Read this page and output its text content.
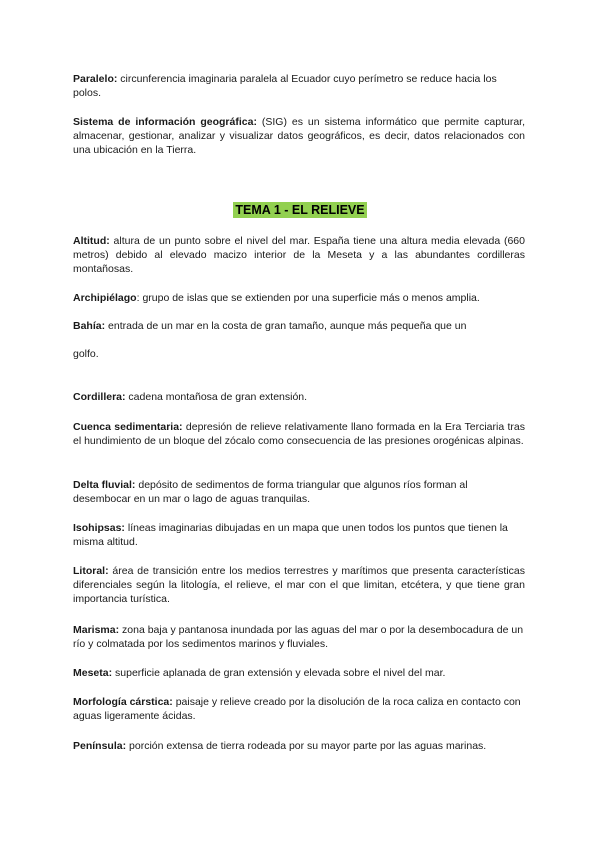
Paralelo: circunferencia imaginaria paralela al Ecuador cuyo perímetro se reduce hacia los polos.

Sistema de información geográfica: (SIG) es un sistema informático que permite capturar, almacenar, gestionar, analizar y visualizar datos geográficos, es decir, datos relacionados con una ubicación en la Tierra.

TEMA 1 - EL RELIEVE

Altitud: altura de un punto sobre el nivel del mar. España tiene una altura media elevada (660 metros) debido al elevado macizo interior de la Meseta y a las abundantes cordilleras montañosas.

Archipiélago: grupo de islas que se extienden por una superficie más o menos amplia.

Bahía: entrada de un mar en la costa de gran tamaño, aunque más pequeña que un

golfo.

Cordillera: cadena montañosa de gran extensión.

Cuenca sedimentaria: depresión de relieve relativamente llano formada en la Era Terciaria tras el hundimiento de un bloque del zócalo como consecuencia de las presiones orogénicas alpinas.

Delta fluvial: depósito de sedimentos de forma triangular que algunos ríos forman al desembocar en un mar o lago de aguas tranquilas.

Isohipsas: líneas imaginarias dibujadas en un mapa que unen todos los puntos que tienen la misma altitud.

Litoral: área de transición entre los medios terrestres y marítimos que presenta características diferenciales según la litología, el relieve, el mar con el que limitan, etcétera, y que tiene gran importancia turística.

Marisma: zona baja y pantanosa inundada por las aguas del mar o por la desembocadura de un río y colmatada por los sedimentos marinos y fluviales.

Meseta: superficie aplanada de gran extensión y elevada sobre el nivel del mar.

Morfología cárstica: paisaje y relieve creado por la disolución de la roca caliza en contacto con aguas ligeramente ácidas.

Península: porción extensa de tierra rodeada por su mayor parte por las aguas marinas.
